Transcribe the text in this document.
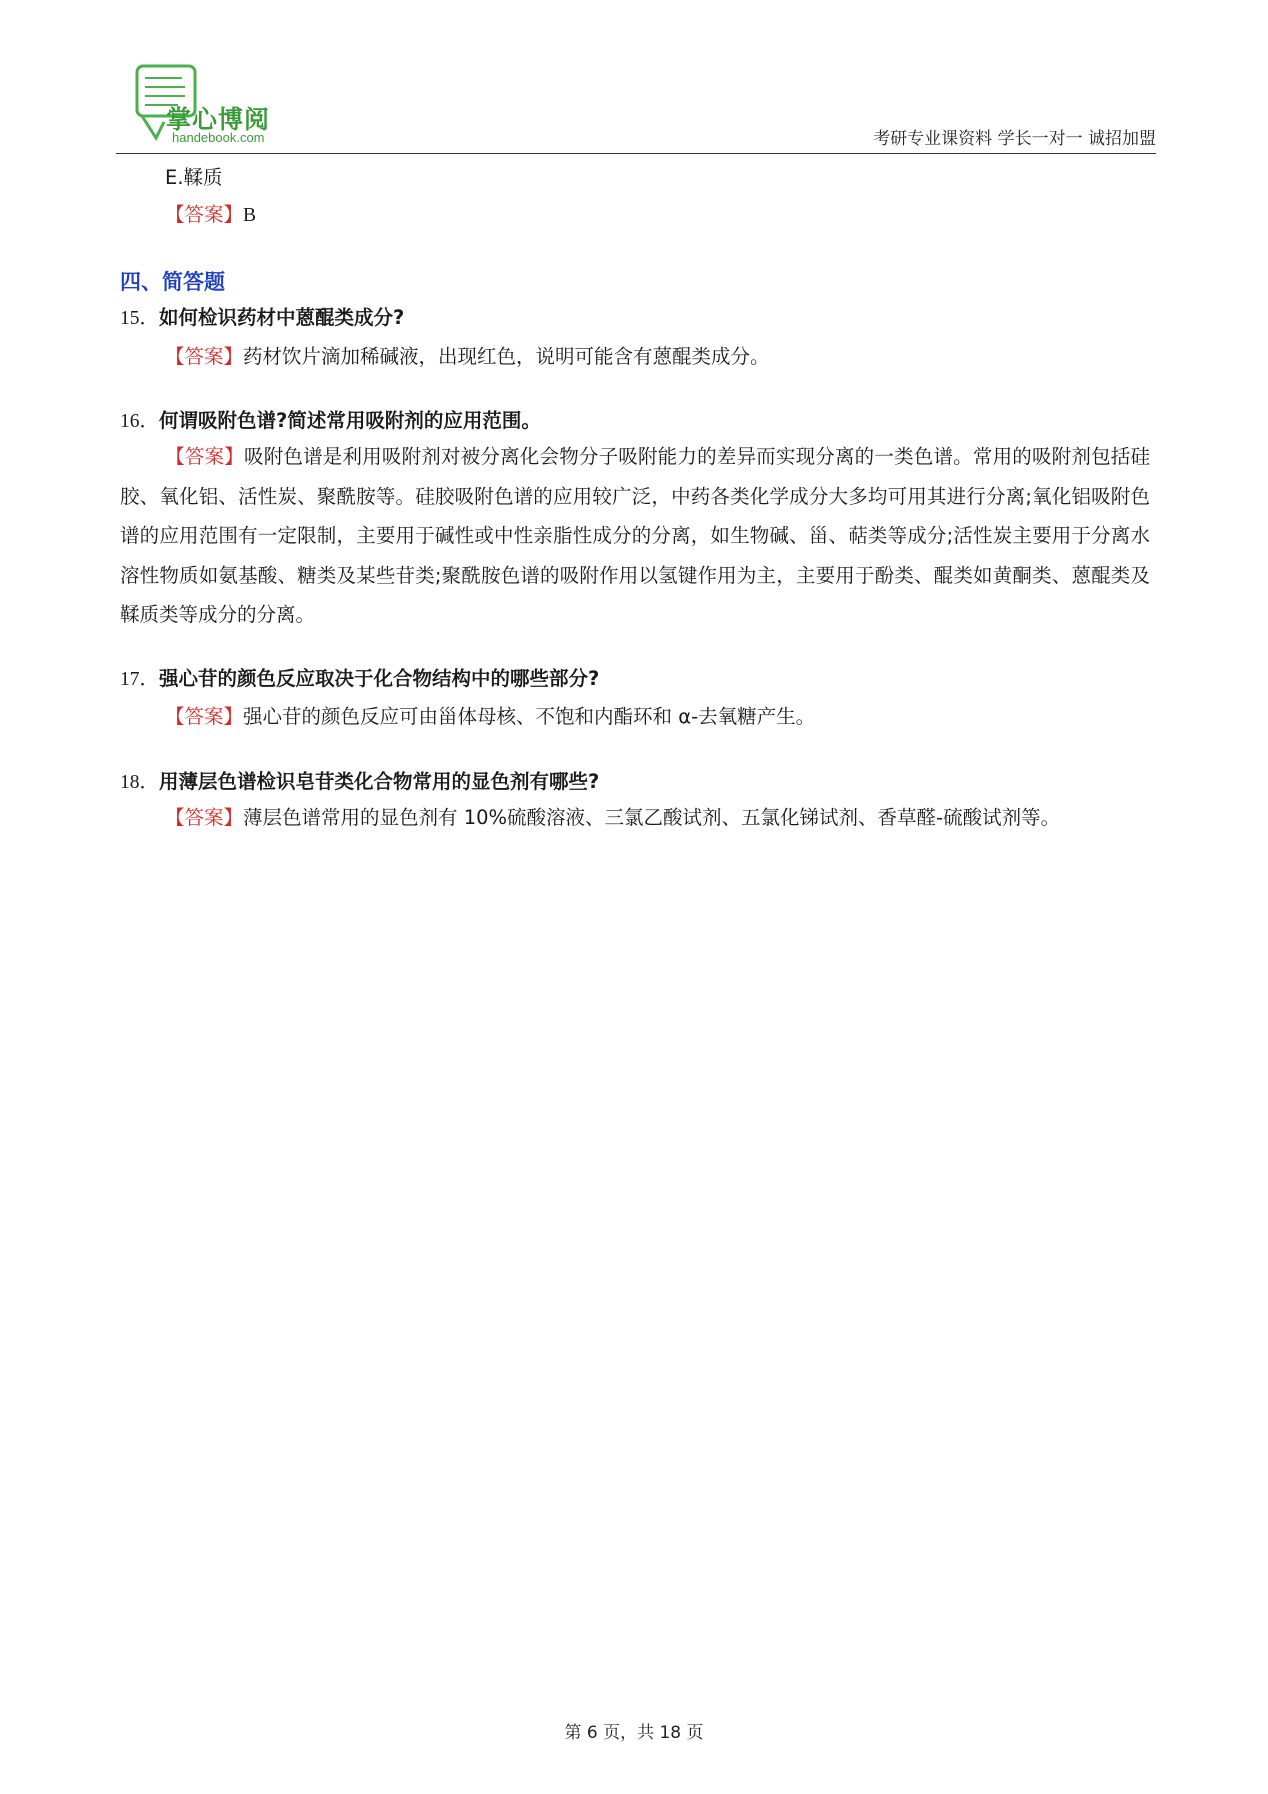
掌心博阅
handebook.com	考研专业课资料 学长一对一 诚招加盟
E.鞣质
【答案】B
四、简答题
15．如何检识药材中蒽醌类成分?
【答案】药材饮片滴加稀碱液，出现红色，说明可能含有蒽醌类成分。
16．何谓吸附色谱?简述常用吸附剂的应用范围。
【答案】吸附色谱是利用吸附剂对被分离化会物分子吸附能力的差异而实现分离的一类色谱。常用的吸附剂包括硅胶、氧化铝、活性炭、聚酰胺等。硅胶吸附色谱的应用较广泛，中药各类化学成分大多均可用其进行分离;氧化铝吸附色谱的应用范围有一定限制，主要用于碱性或中性亲脂性成分的分离，如生物碱、甾、萜类等成分;活性炭主要用于分离水溶性物质如氨基酸、糖类及某些苷类;聚酰胺色谱的吸附作用以氢键作用为主，主要用于酚类、醌类如黄酮类、蒽醌类及鞣质类等成分的分离。
17．强心苷的颜色反应取决于化合物结构中的哪些部分?
【答案】强心苷的颜色反应可由甾体母核、不饱和内酯环和 α-去氧糖产生。
18．用薄层色谱检识皂苷类化合物常用的显色剂有哪些?
【答案】薄层色谱常用的显色剂有 10%硫酸溶液、三氯乙酸试剂、五氯化锑试剂、香草醛-硫酸试剂等。
第 6 页，共 18 页
